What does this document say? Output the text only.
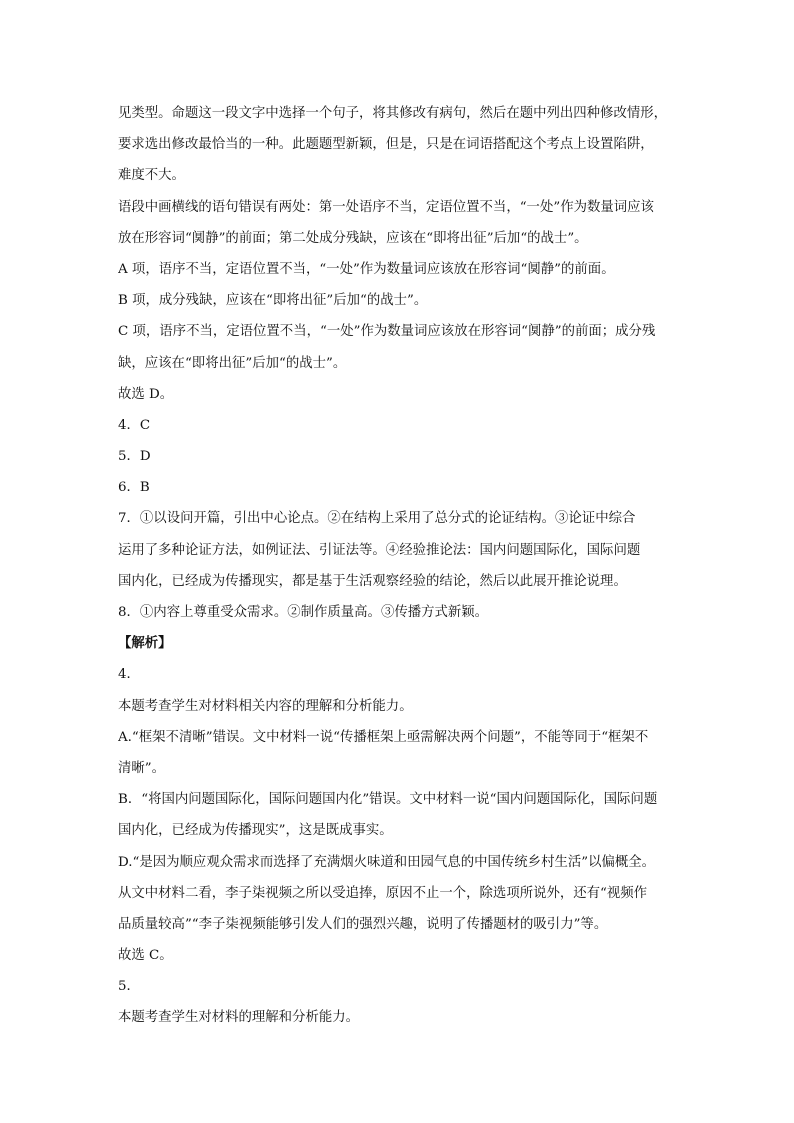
见类型。命题这一段文字中选择一个句子，将其修改有病句，然后在题中列出四种修改情形，
要求选出修改最恰当的一种。此题题型新颖，但是，只是在词语搭配这个考点上设置陷阱，
难度不大。
语段中画横线的语句错误有两处：第一处语序不当，定语位置不当，“一处”作为数量词应该
放在形容词“阒静”的前面；第二处成分残缺，应该在“即将出征”后加“的战士”。
A 项，语序不当，定语位置不当，“一处”作为数量词应该放在形容词“阒静”的前面。
B 项，成分残缺，应该在“即将出征”后加“的战士”。
C 项，语序不当，定语位置不当，“一处”作为数量词应该放在形容词“阒静”的前面；成分残
缺，应该在“即将出征”后加“的战士”。
故选 D。
4．C
5．D
6．B
7．①以设问开篇，引出中心论点。②在结构上采用了总分式的论证结构。③论证中综合
运用了多种论证方法，如例证法、引证法等。④经验推论法：国内问题国际化，国际问题
国内化，已经成为传播现实，都是基于生活观察经验的结论，然后以此展开推论说理。
8．①内容上尊重受众需求。②制作质量高。③传播方式新颖。
【解析】
4．
本题考查学生对材料相关内容的理解和分析能力。
A.“框架不清晰”错误。文中材料一说“传播框架上亟需解决两个问题”，不能等同于“框架不
清晰”。
B．“将国内问题国际化，国际问题国内化”错误。文中材料一说“国内问题国际化，国际问题
国内化，已经成为传播现实”，这是既成事实。
D.“是因为顺应观众需求而选择了充满烟火味道和田园气息的中国传统乡村生活”以偏概全。
从文中材料二看，李子柒视频之所以受追捧，原因不止一个，除选项所说外，还有“视频作
品质量较高”“李子柒视频能够引发人们的强烈兴趣，说明了传播题材的吸引力”等。
故选 C。
5．
本题考查学生对材料的理解和分析能力。
